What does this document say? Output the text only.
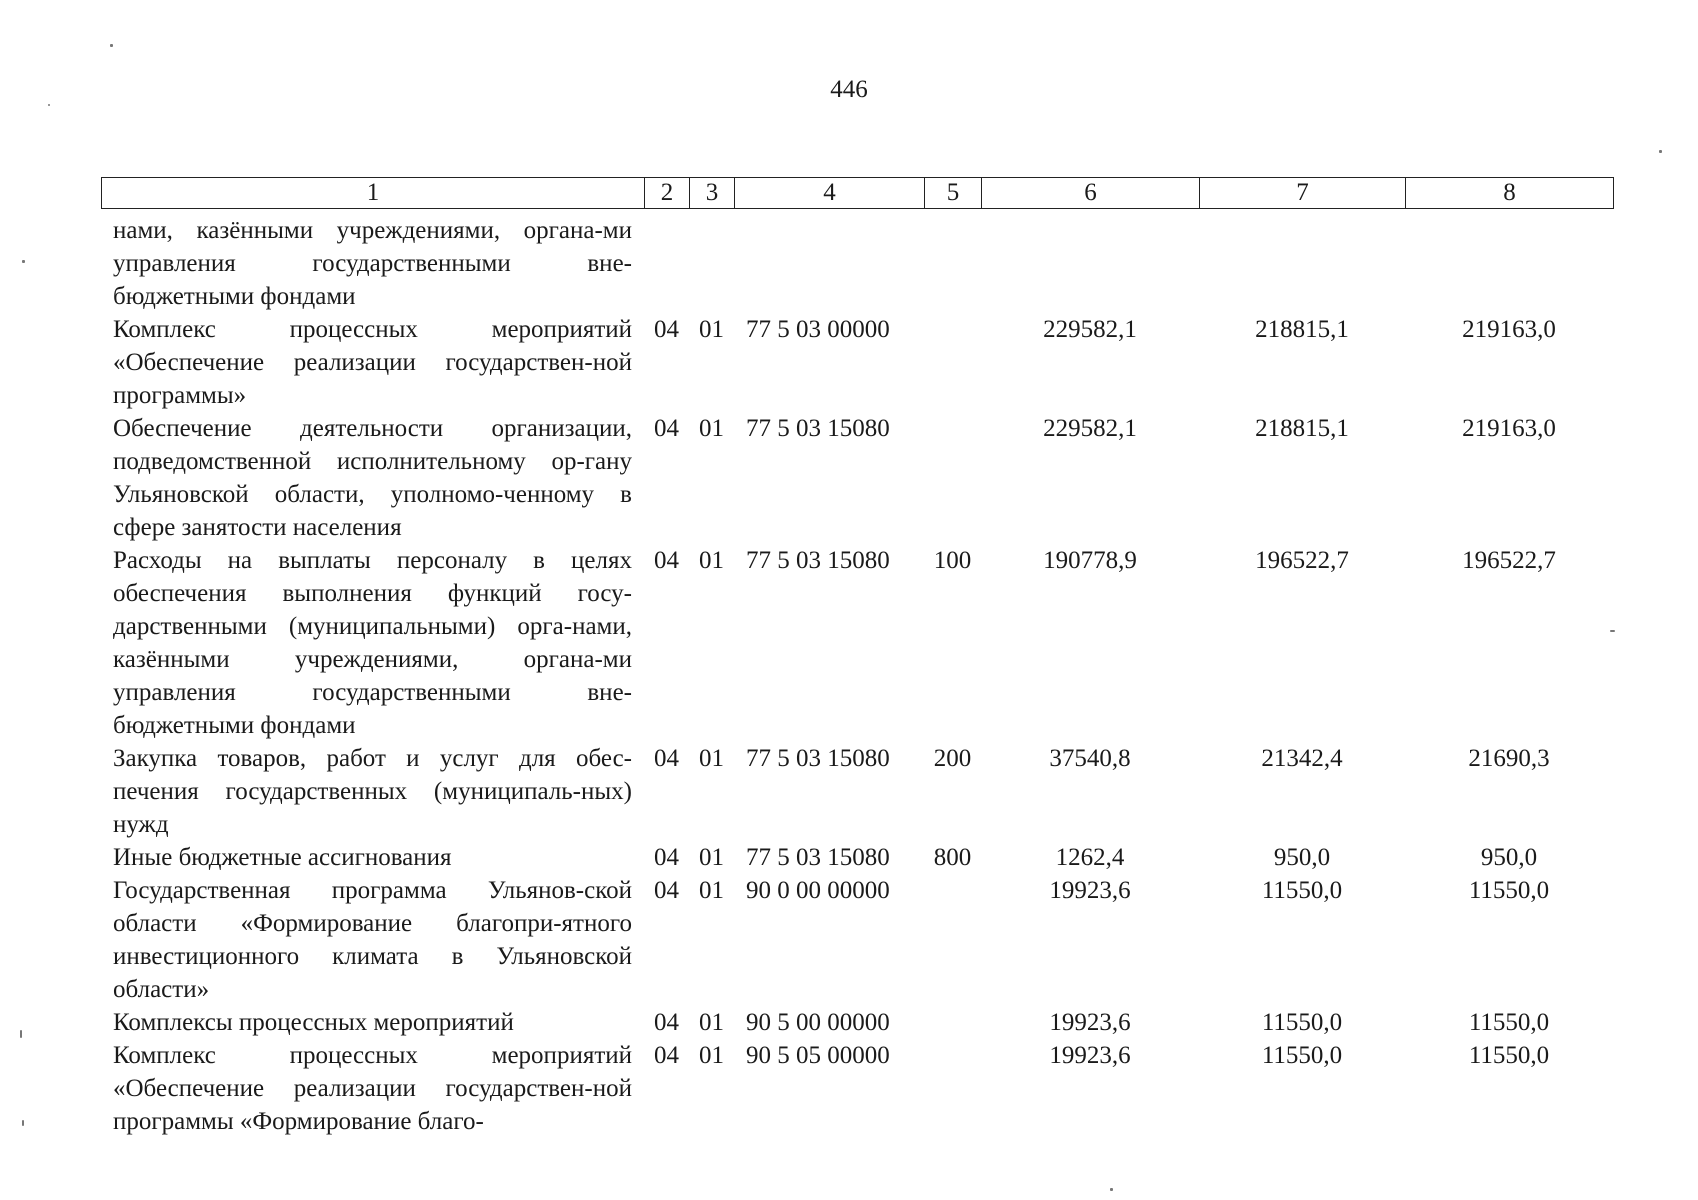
446
1	2	3	4	5	6	7	8
нами, казёнными учреждениями, органа-ми управления государственными вне-бюджетными фондами							
Комплекс процессных мероприятий «Обеспечение реализации государствен-ной программы»	04	01	77 5 03 00000		229582,1	218815,1	219163,0
Обеспечение деятельности организации, подведомственной исполнительному ор-гану Ульяновской области, уполномо-ченному в сфере занятости населения	04	01	77 5 03 15080		229582,1	218815,1	219163,0
Расходы на выплаты персоналу в целях обеспечения выполнения функций госу-дарственными (муниципальными) орга-нами, казёнными учреждениями, органа-ми управления государственными вне-бюджетными фондами	04	01	77 5 03 15080	100	190778,9	196522,7	196522,7
Закупка товаров, работ и услуг для обес-печения государственных (муниципаль-ных) нужд	04	01	77 5 03 15080	200	37540,8	21342,4	21690,3
Иные бюджетные ассигнования	04	01	77 5 03 15080	800	1262,4	950,0	950,0
Государственная программа Ульянов-ской области «Формирование благопри-ятного инвестиционного климата в Ульяновской области»	04	01	90 0 00 00000		19923,6	11550,0	11550,0
Комплексы процессных мероприятий	04	01	90 5 00 00000		19923,6	11550,0	11550,0
Комплекс процессных мероприятий «Обеспечение реализации государствен-ной программы «Формирование благо-	04	01	90 5 05 00000		19923,6	11550,0	11550,0
